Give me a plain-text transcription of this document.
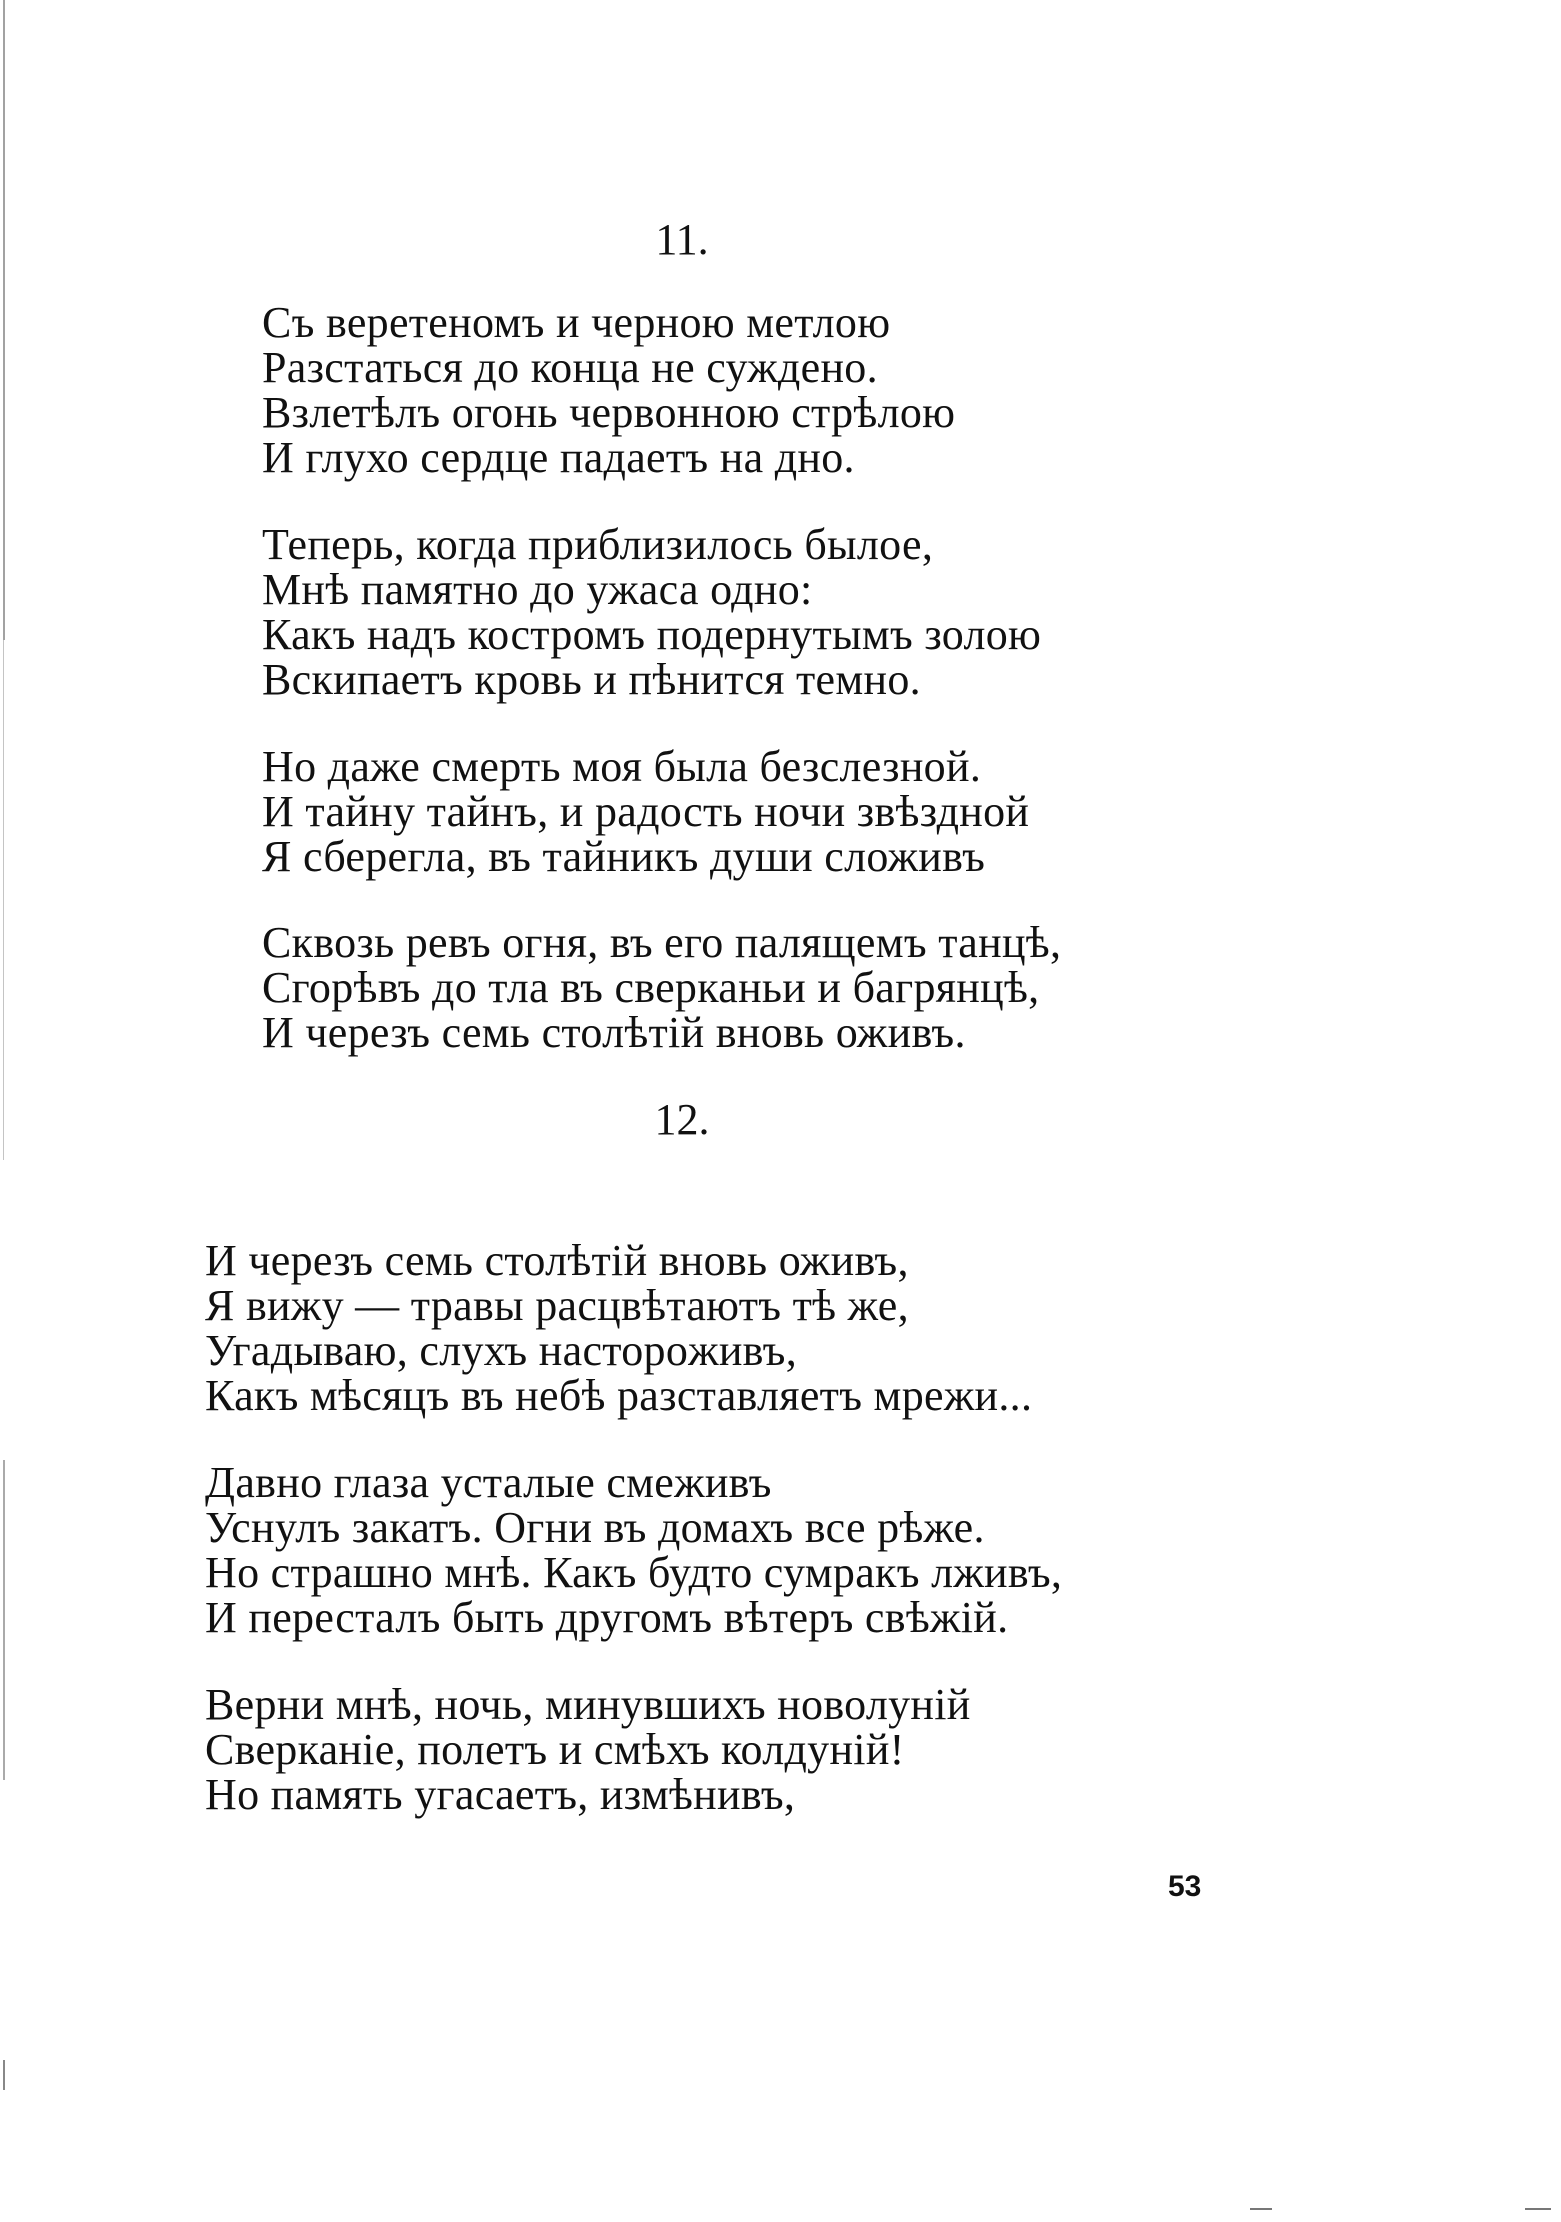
11.
Съ веретеномъ и черною метлою
Разстаться до конца не суждено.
Взлетѣлъ огонь червонною стрѣлою
И глухо сердце падаетъ на дно.
Теперь, когда приблизилось былое,
Мнѣ памятно до ужаса одно:
Какъ надъ костромъ подернутымъ золою
Вскипаетъ кровь и пѣнится темно.
Но даже смерть моя была безслезной.
И тайну тайнъ, и радость ночи звѣздной
Я сберегла, въ тайникъ души сложивъ
Сквозь ревъ огня, въ его палящемъ танцѣ,
Сгорѣвъ до тла въ сверканьи и багрянцѣ,
И черезъ семь столѣтій вновь оживъ.
12.
И черезъ семь столѣтій вновь оживъ,
Я вижу — травы расцвѣтаютъ тѣ же,
Угадываю, слухъ насторoживъ,
Какъ мѣсяцъ въ небѣ разставляетъ мрежи...
Давно глаза усталые смеживъ
Уснулъ закатъ. Огни въ домахъ все рѣже.
Но страшно мнѣ. Какъ будто сумракъ лживъ,
И пересталъ быть другомъ вѣтеръ свѣжій.
Верни мнѣ, ночь, минувшихъ новолуній
Сверканіе, полетъ и смѣхъ колдуній!
Но память угасаетъ, измѣнивъ,
53
